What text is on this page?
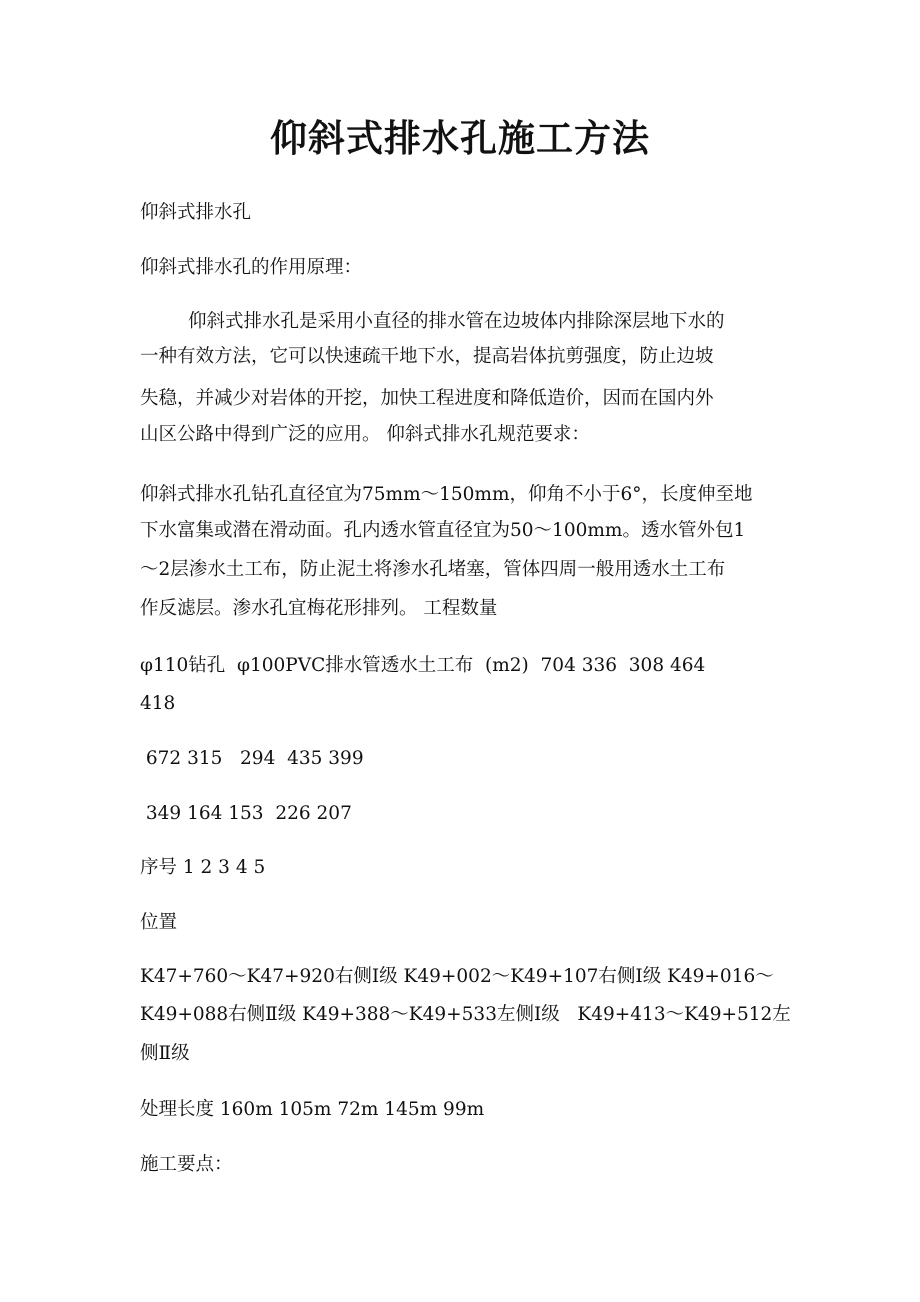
仰斜式排水孔施工方法

仰斜式排水孔

仰斜式排水孔的作用原理：

仰斜式排水孔是采用小直径的排水管在边坡体内排除深层地下水的

一种有效方法，它可以快速疏干地下水，提高岩体抗剪强度，防止边坡

失稳，并减少对岩体的开挖，加快工程进度和降低造价，因而在国内外

山区公路中得到广泛的应用。 仰斜式排水孔规范要求：

仰斜式排水孔钻孔直径宜为75mm～150mm，仰角不小于6°，长度伸至地

下水富集或潜在滑动面。孔内透水管直径宜为50～100mm。透水管外包1

～2层渗水土工布，防止泥土将渗水孔堵塞，管体四周一般用透水土工布

作反滤层。渗水孔宜梅花形排列。 工程数量

φ110钻孔  φ100PVC排水管透水土工布  (m2)  704 336  308 464

418

672 315   294  435 399

349 164 153  226 207

序号 1 2 3 4 5

位置

K47+760～K47+920右侧Ⅰ级 K49+002～K49+107右侧Ⅰ级 K49+016～

K49+088右侧Ⅱ级 K49+388～K49+533左侧Ⅰ级   K49+413～K49+512左

侧Ⅱ级

处理长度 160m 105m 72m 145m 99m

施工要点：
